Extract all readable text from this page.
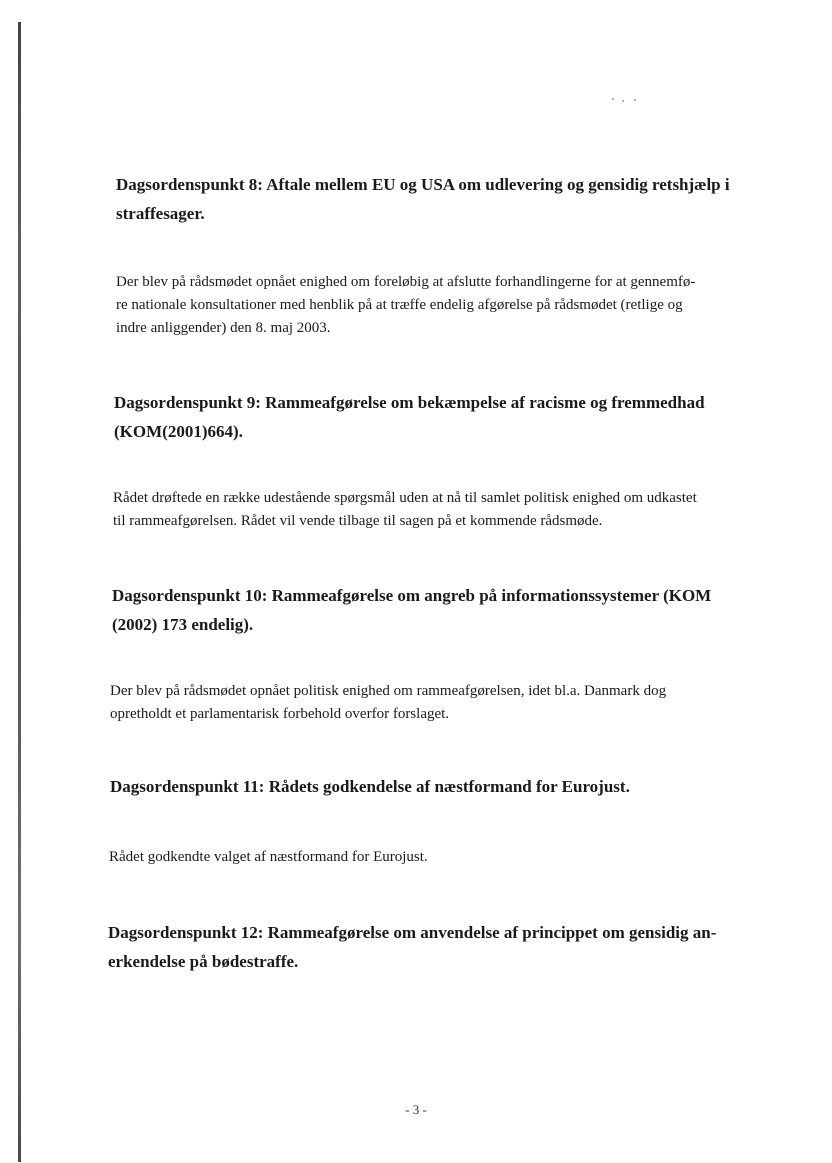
Dagsordenspunkt 8: Aftale mellem EU og USA om udlevering og gensidig retshjælp i
straffesager.
Der blev på rådsmødet opnået enighed om foreløbig at afslutte forhandlingerne for at gennemfø-
re nationale konsultationer med henblik på at træffe endelig afgørelse på rådsmødet (retlige og
indre anliggender) den 8. maj 2003.
Dagsordenspunkt 9: Rammeafgørelse om bekæmpelse af racisme og fremmedhad
(KOM(2001)664).
Rådet drøftede en række udestående spørgsmål uden at nå til samlet politisk enighed om udkastet
til rammeafgørelsen. Rådet vil vende tilbage til sagen på et kommende rådsmøde.
Dagsordenspunkt 10: Rammeafgørelse om angreb på informationssystemer (KOM
(2002) 173 endelig).
Der blev på rådsmødet opnået politisk enighed om rammeafgørelsen, idet bl.a. Danmark dog
opretholdt et parlamentarisk forbehold overfor forslaget.
Dagsordenspunkt 11: Rådets godkendelse af næstformand for Eurojust.
Rådet godkendte valget af næstformand for Eurojust.
Dagsordenspunkt 12: Rammeafgørelse om anvendelse af princippet om gensidig an-
erkendelse på bødestraffe.
- 3 -
